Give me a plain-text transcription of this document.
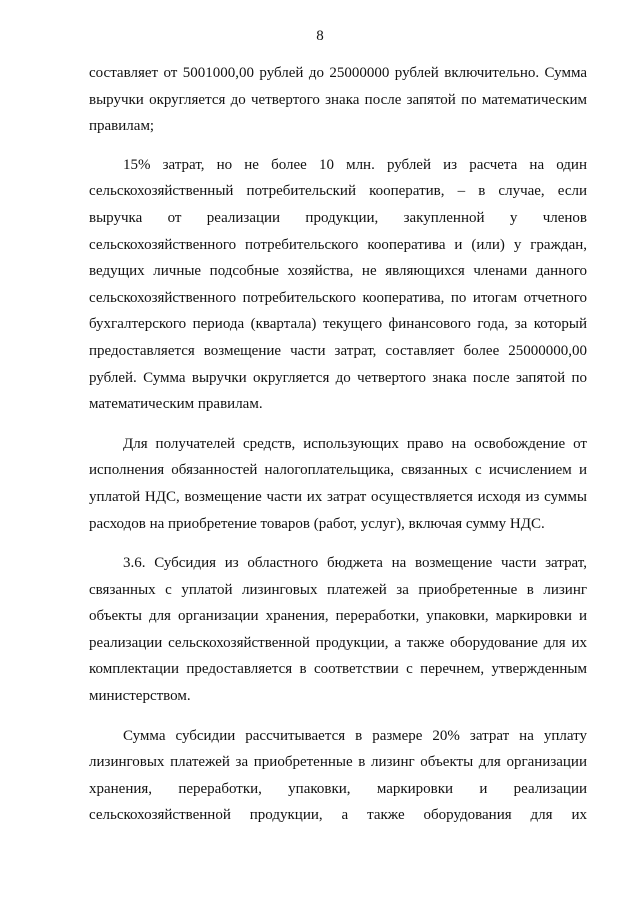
8

составляет от 5001000,00 рублей до 25000000 рублей включительно. Сумма выручки округляется до четвертого знака после запятой по математическим правилам;

15% затрат, но не более 10 млн. рублей из расчета на один сельскохозяйственный потребительский кооператив, – в случае, если выручка от реализации продукции, закупленной у членов сельскохозяйственного потребительского кооператива и (или) у граждан, ведущих личные подсобные хозяйства, не являющихся членами данного сельскохозяйственного потребительского кооператива, по итогам отчетного бухгалтерского периода (квартала) текущего финансового года, за который предоставляется возмещение части затрат, составляет более 25000000,00 рублей. Сумма выручки округляется до четвертого знака после запятой по математическим правилам.

Для получателей средств, использующих право на освобождение от исполнения обязанностей налогоплательщика, связанных с исчислением и уплатой НДС, возмещение части их затрат осуществляется исходя из суммы расходов на приобретение товаров (работ, услуг), включая сумму НДС.

3.6. Субсидия из областного бюджета на возмещение части затрат, связанных с уплатой лизинговых платежей за приобретенные в лизинг объекты для организации хранения, переработки, упаковки, маркировки и реализации сельскохозяйственной продукции, а также оборудование для их комплектации предоставляется в соответствии с перечнем, утвержденным министерством.

Сумма субсидии рассчитывается в размере 20% затрат на уплату лизинговых платежей за приобретенные в лизинг объекты для организации хранения, переработки, упаковки, маркировки и реализации сельскохозяйственной продукции, а также оборудования для их
